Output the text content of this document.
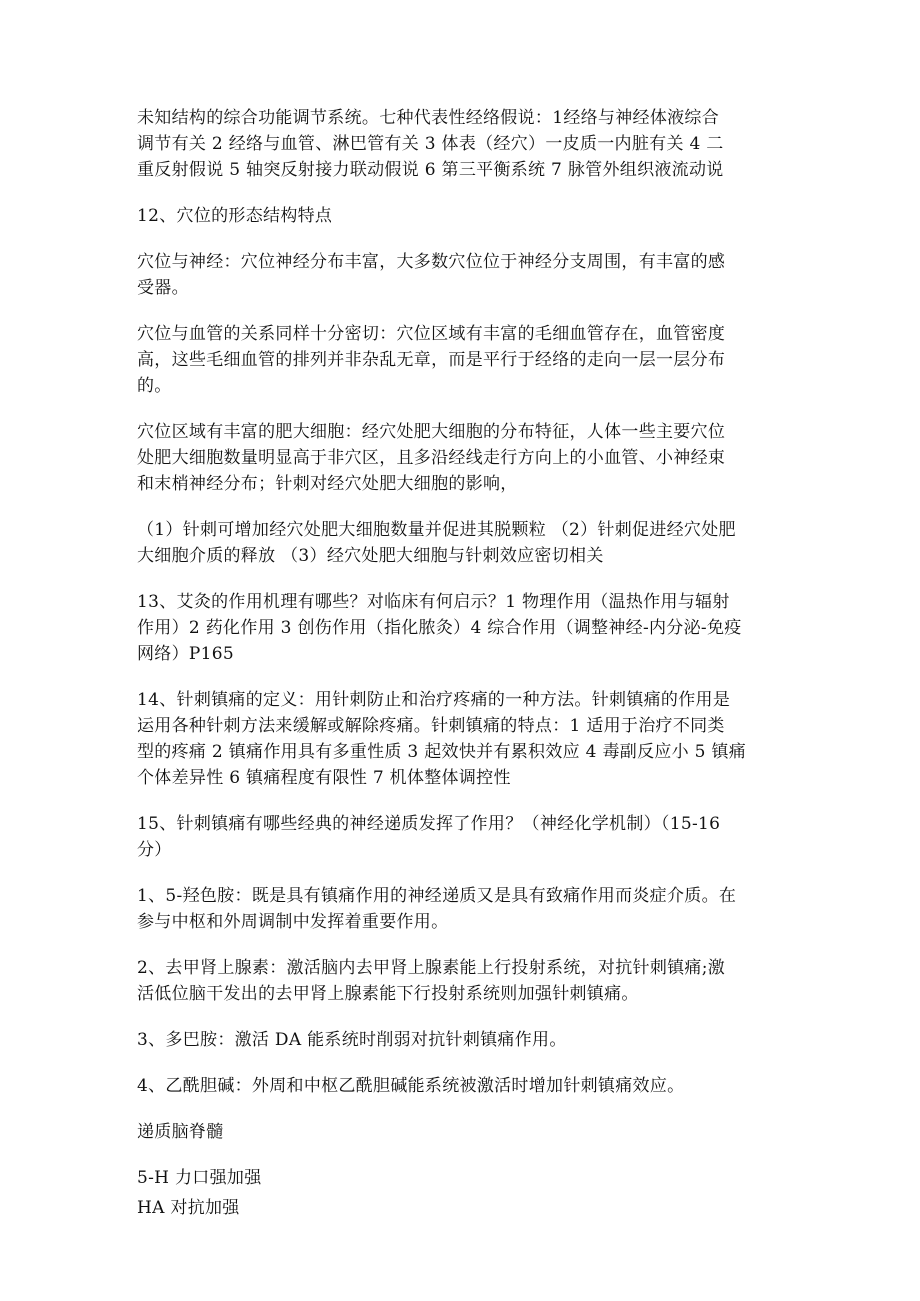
未知结构的综合功能调节系统。七种代表性经络假说：1经络与神经体液综合
调节有关 2 经络与血管、淋巴管有关 3 体表（经穴）一皮质一内脏有关 4 二
重反射假说 5 轴突反射接力联动假说 6 第三平衡系统 7 脉管外组织液流动说
12、穴位的形态结构特点
穴位与神经：穴位神经分布丰富，大多数穴位位于神经分支周围，有丰富的感
受器。
穴位与血管的关系同样十分密切：穴位区域有丰富的毛细血管存在，血管密度
高，这些毛细血管的排列并非杂乱无章，而是平行于经络的走向一层一层分布
的。
穴位区域有丰富的肥大细胞：经穴处肥大细胞的分布特征，人体一些主要穴位
处肥大细胞数量明显高于非穴区，且多沿经线走行方向上的小血管、小神经束
和末梢神经分布；针刺对经穴处肥大细胞的影响，
（1）针刺可增加经穴处肥大细胞数量并促进其脱颗粒 （2）针刺促进经穴处肥
大细胞介质的释放 （3）经穴处肥大细胞与针刺效应密切相关
13、艾灸的作用机理有哪些？对临床有何启示？1 物理作用（温热作用与辐射
作用）2 药化作用 3 创伤作用（指化脓灸）4 综合作用（调整神经-内分泌-免疫
网络）P165
14、针刺镇痛的定义：用针刺防止和治疗疼痛的一种方法。针刺镇痛的作用是
运用各种针刺方法来缓解或解除疼痛。针刺镇痛的特点：1 适用于治疗不同类
型的疼痛 2 镇痛作用具有多重性质 3 起效快并有累积效应 4 毒副反应小 5 镇痛
个体差异性 6 镇痛程度有限性 7 机体整体调控性
15、针刺镇痛有哪些经典的神经递质发挥了作用？（神经化学机制）（15-16
分）
1、5-羟色胺：既是具有镇痛作用的神经递质又是具有致痛作用而炎症介质。在
参与中枢和外周调制中发挥着重要作用。
2、去甲肾上腺素：激活脑内去甲肾上腺素能上行投射系统，对抗针刺镇痛;激
活低位脑干发出的去甲肾上腺素能下行投射系统则加强针刺镇痛。
3、多巴胺：激活 DA 能系统时削弱对抗针刺镇痛作用。
4、乙酰胆碱：外周和中枢乙酰胆碱能系统被激活时增加针刺镇痛效应。
递质脑脊髓
5-H 力口强加强
HA 对抗加强
